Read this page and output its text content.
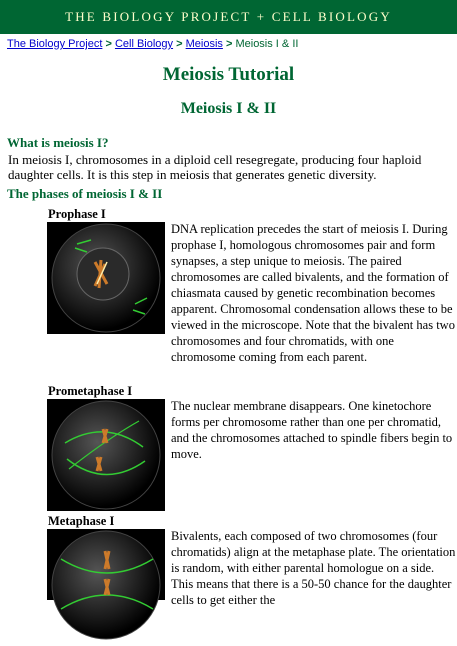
THE BIOLOGY PROJECT + CELL BIOLOGY
The Biology Project > Cell Biology > Meiosis > Meiosis I & II
Meiosis Tutorial
Meiosis I & II
What is meiosis I?

In meiosis I, chromosomes in a diploid cell resegregate, producing four haploid daughter cells. It is this step in meiosis that generates genetic diversity.

The phases of meiosis I & II

Prophase I

DNA replication precedes the start of meiosis I. During prophase I, homologous chromosomes pair and form synapses, a step unique to meiosis. The paired chromosomes are called bivalents, and the formation of chiasmata caused by genetic recombination becomes apparent. Chromosomal condensation allows these to be viewed in the microscope. Note that the bivalent has two chromosomes and four chromatids, with one chromosome coming from each parent.

Prometaphase I

The nuclear membrane disappears. One kinetochore forms per chromosome rather than one per chromatid, and the chromosomes attached to spindle fibers begin to move.

Metaphase I

Bivalents, each composed of two chromosomes (four chromatids) align at the metaphase plate. The orientation is random, with either parental homologue on a side. This means that there is a 50-50 chance for the daughter cells to get either the
